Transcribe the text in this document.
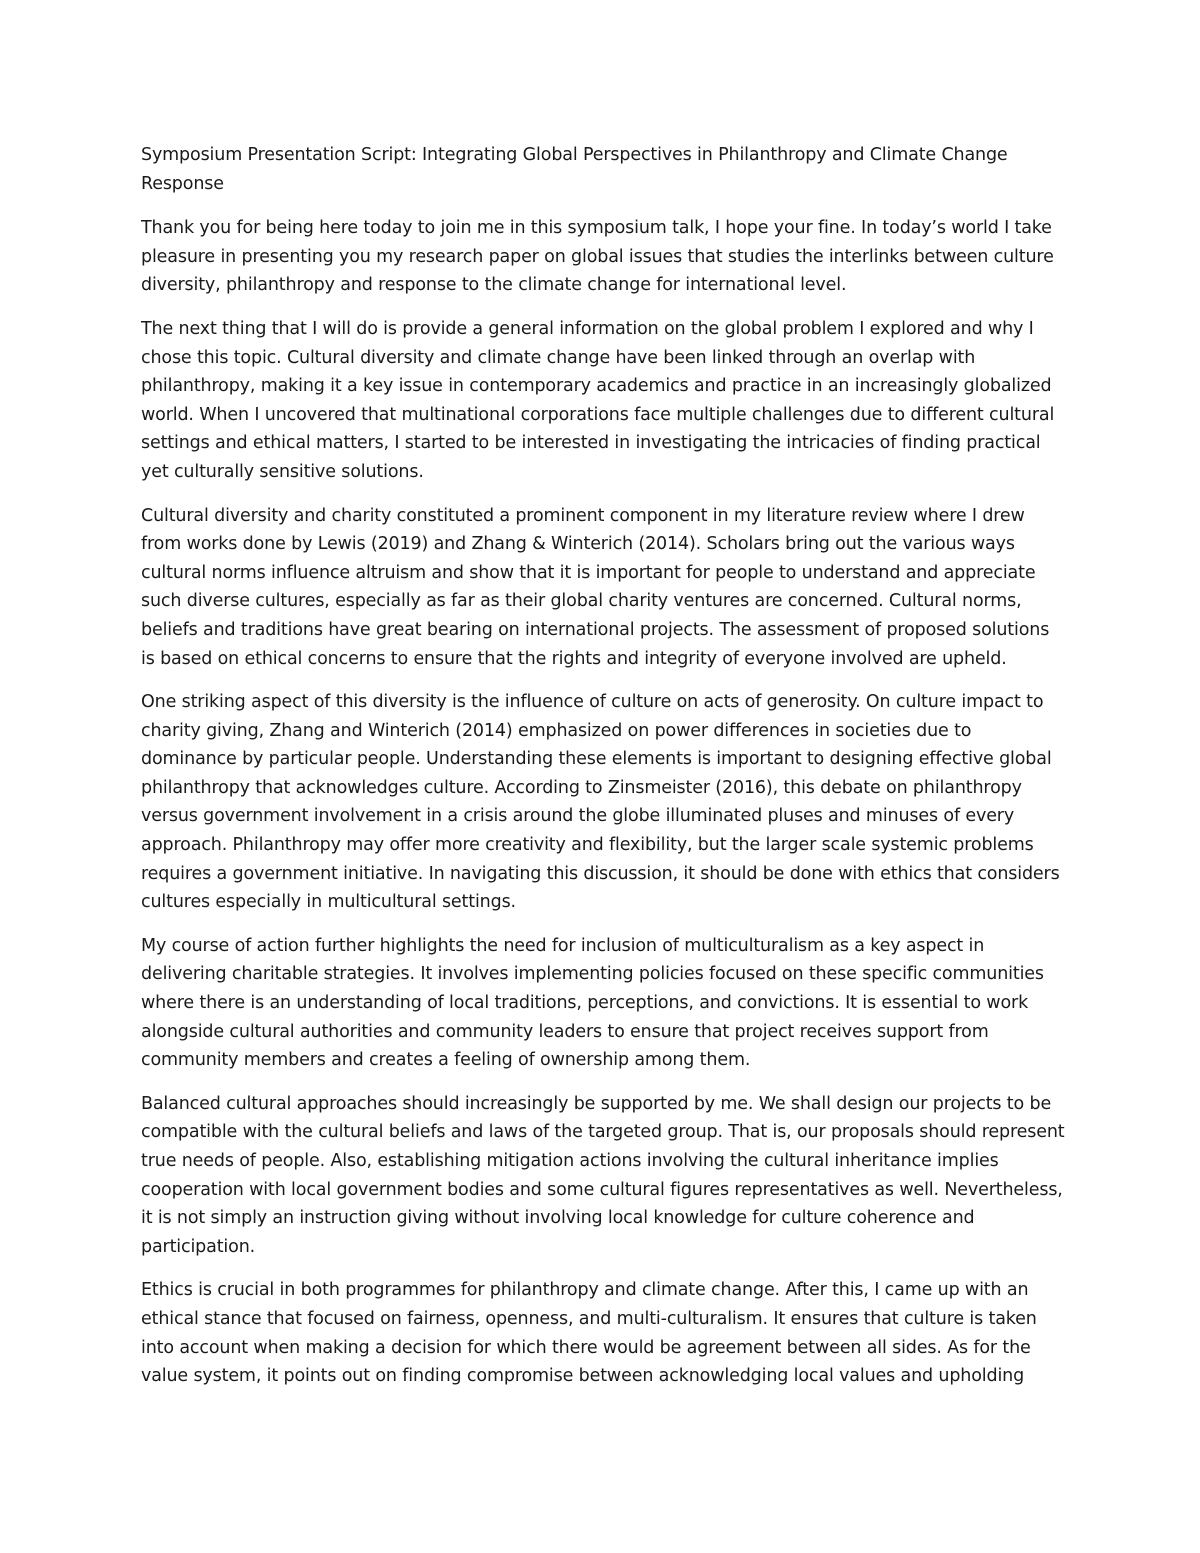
Symposium Presentation Script: Integrating Global Perspectives in Philanthropy and Climate Change Response

Thank you for being here today to join me in this symposium talk, I hope your fine. In today’s world I take pleasure in presenting you my research paper on global issues that studies the interlinks between culture diversity, philanthropy and response to the climate change for international level.

The next thing that I will do is provide a general information on the global problem I explored and why I chose this topic. Cultural diversity and climate change have been linked through an overlap with philanthropy, making it a key issue in contemporary academics and practice in an increasingly globalized world. When I uncovered that multinational corporations face multiple challenges due to different cultural settings and ethical matters, I started to be interested in investigating the intricacies of finding practical yet culturally sensitive solutions.

Cultural diversity and charity constituted a prominent component in my literature review where I drew from works done by Lewis (2019) and Zhang & Winterich (2014). Scholars bring out the various ways cultural norms influence altruism and show that it is important for people to understand and appreciate such diverse cultures, especially as far as their global charity ventures are concerned. Cultural norms, beliefs and traditions have great bearing on international projects. The assessment of proposed solutions is based on ethical concerns to ensure that the rights and integrity of everyone involved are upheld.

One striking aspect of this diversity is the influence of culture on acts of generosity. On culture impact to charity giving, Zhang and Winterich (2014) emphasized on power differences in societies due to dominance by particular people. Understanding these elements is important to designing effective global philanthropy that acknowledges culture. According to Zinsmeister (2016), this debate on philanthropy versus government involvement in a crisis around the globe illuminated pluses and minuses of every approach. Philanthropy may offer more creativity and flexibility, but the larger scale systemic problems requires a government initiative. In navigating this discussion, it should be done with ethics that considers cultures especially in multicultural settings.

My course of action further highlights the need for inclusion of multiculturalism as a key aspect in delivering charitable strategies. It involves implementing policies focused on these specific communities where there is an understanding of local traditions, perceptions, and convictions. It is essential to work alongside cultural authorities and community leaders to ensure that project receives support from community members and creates a feeling of ownership among them.

Balanced cultural approaches should increasingly be supported by me. We shall design our projects to be compatible with the cultural beliefs and laws of the targeted group. That is, our proposals should represent true needs of people. Also, establishing mitigation actions involving the cultural inheritance implies cooperation with local government bodies and some cultural figures representatives as well. Nevertheless, it is not simply an instruction giving without involving local knowledge for culture coherence and participation.

Ethics is crucial in both programmes for philanthropy and climate change. After this, I came up with an ethical stance that focused on fairness, openness, and multi-culturalism. It ensures that culture is taken into account when making a decision for which there would be agreement between all sides. As for the value system, it points out on finding compromise between acknowledging local values and upholding
